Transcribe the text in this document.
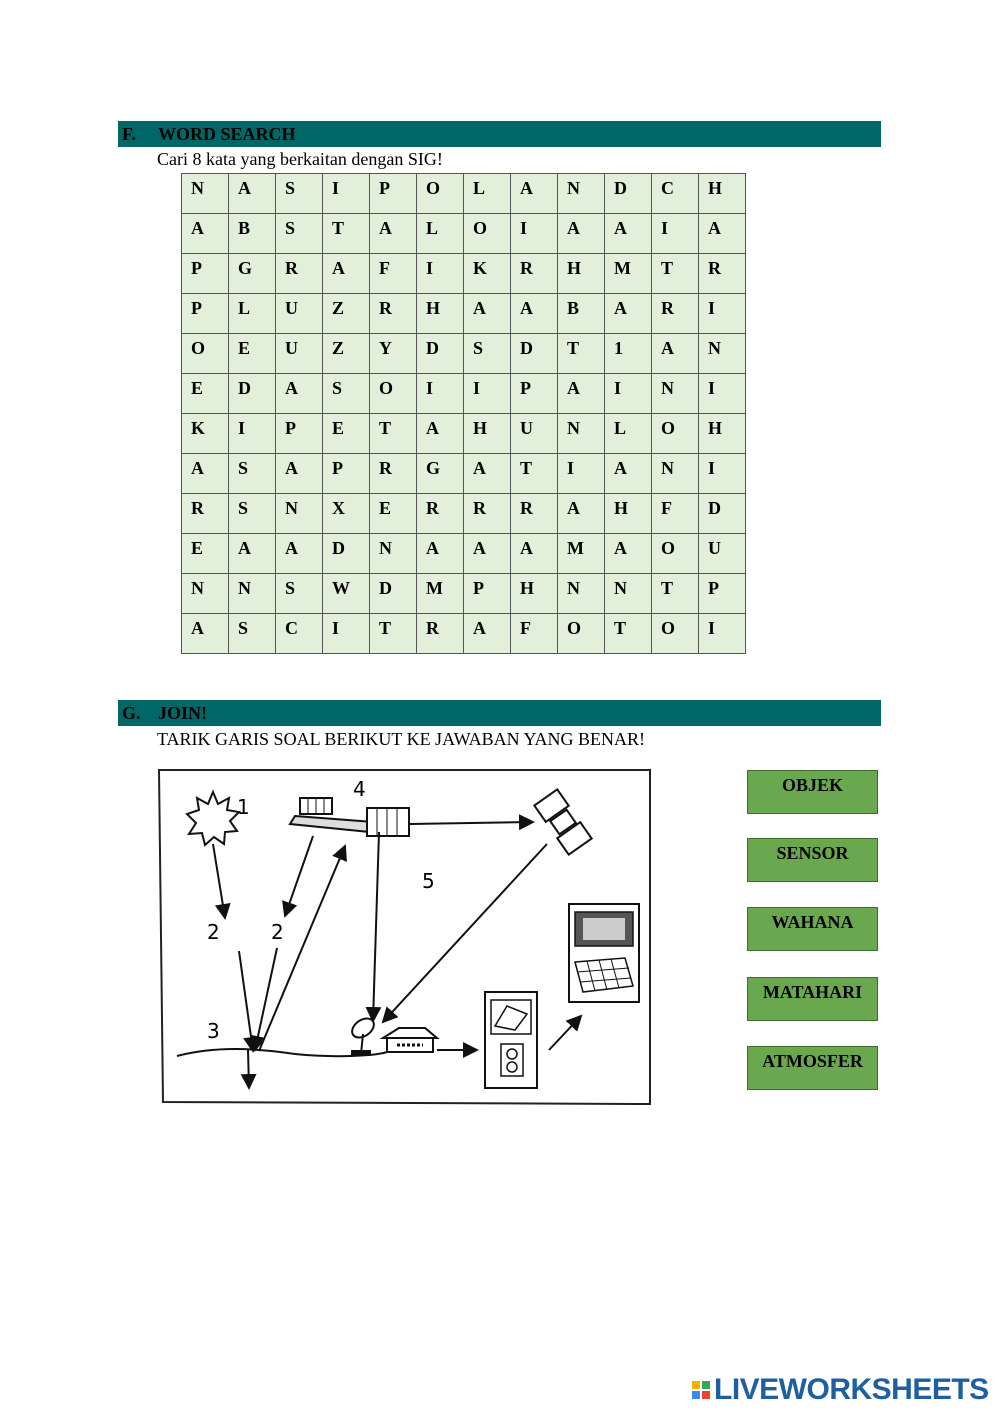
F. WORD SEARCH
Cari 8 kata yang berkaitan dengan SIG!
N	A	S	I	P	O	L	A	N	D	C	H
A	B	S	T	A	L	O	I	A	A	I	A
P	G	R	A	F	I	K	R	H	M	T	R
P	L	U	Z	R	H	A	A	B	A	R	I
O	E	U	Z	Y	D	S	D	T	1	A	N
E	D	A	S	O	I	I	P	A	I	N	I
K	I	P	E	T	A	H	U	N	L	O	H
A	S	A	P	R	G	A	T	I	A	N	I
R	S	N	X	E	R	R	R	A	H	F	D
E	A	A	D	N	A	A	A	M	A	O	U
N	N	S	W	D	M	P	H	N	N	T	P
A	S	C	I	T	R	A	F	O	T	O	I
G. JOIN!
TARIK GARIS SOAL BERIKUT KE JAWABAN YANG BENAR!
1
4
2	2
3
5
OBJEK
SENSOR
WAHANA
MATAHARI
ATMOSFER
LIVEWORKSHEETS
